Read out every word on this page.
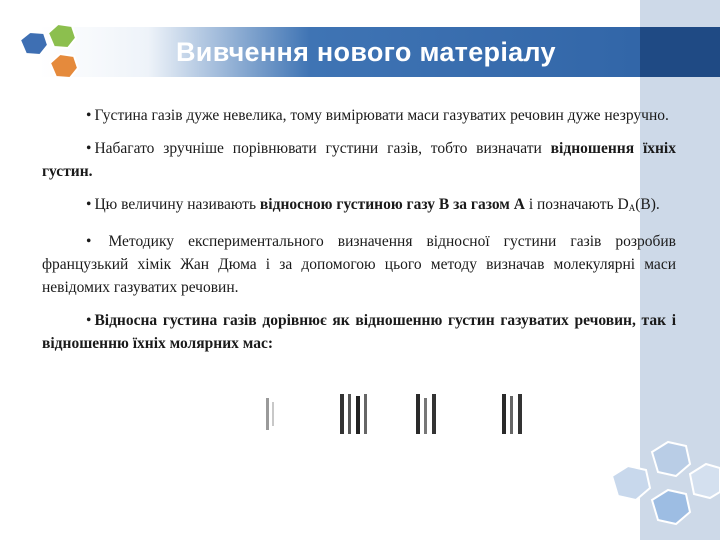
Вивчення нового матеріалу

• Густина газів дуже невелика, тому вимірювати маси газуватих речовин дуже незручно.

• Набагато зручніше порівнювати густини газів, тобто визначати відношення їхніх густин.

• Цю величину називають відносною густиною газу В за газом А і позначають $D_A(B)$.

• Методику експериментального визначення відносної густини газів розробив французький хімік Жан Дюма і за допомогою цього методу визначав молекулярні маси невідомих газуватих речовин.

• Відносна густина газів дорівнює як відношенню густин газуватих речовин, так і відношенню їхніх молярних мас:
